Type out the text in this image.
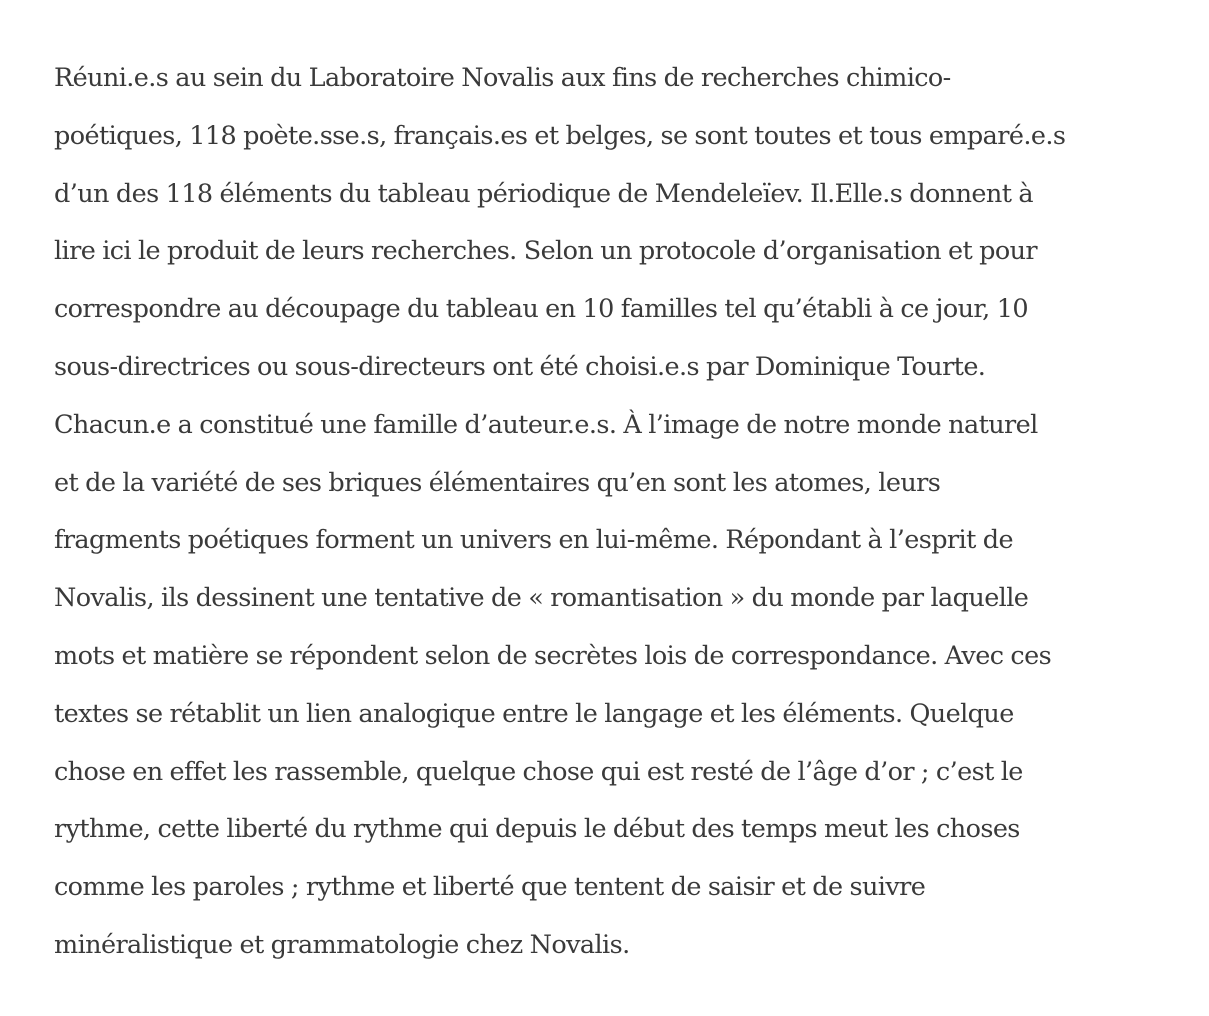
Réuni.e.s au sein du Laboratoire Novalis aux fins de recherches chimico-
poétiques, 118 poète.sse.s, français.es et belges, se sont toutes et tous emparé.e.s
d’un des 118 éléments du tableau périodique de Mendeleïev. Il.Elle.s donnent à
lire ici le produit de leurs recherches. Selon un protocole d’organisation et pour
correspondre au découpage du tableau en 10 familles tel qu’établi à ce jour, 10
sous-directrices ou sous-directeurs ont été choisi.e.s par Dominique Tourte.
Chacun.e a constitué une famille d’auteur.e.s. À l’image de notre monde naturel
et de la variété de ses briques élémentaires qu’en sont les atomes, leurs
fragments poétiques forment un univers en lui-même. Répondant à l’esprit de
Novalis, ils dessinent une tentative de « romantisation » du monde par laquelle
mots et matière se répondent selon de secrètes lois de correspondance. Avec ces
textes se rétablit un lien analogique entre le langage et les éléments. Quelque
chose en effet les rassemble, quelque chose qui est resté de l’âge d’or ; c’est le
rythme, cette liberté du rythme qui depuis le début des temps meut les choses
comme les paroles ; rythme et liberté que tentent de saisir et de suivre
minéralistique et grammatologie chez Novalis.
